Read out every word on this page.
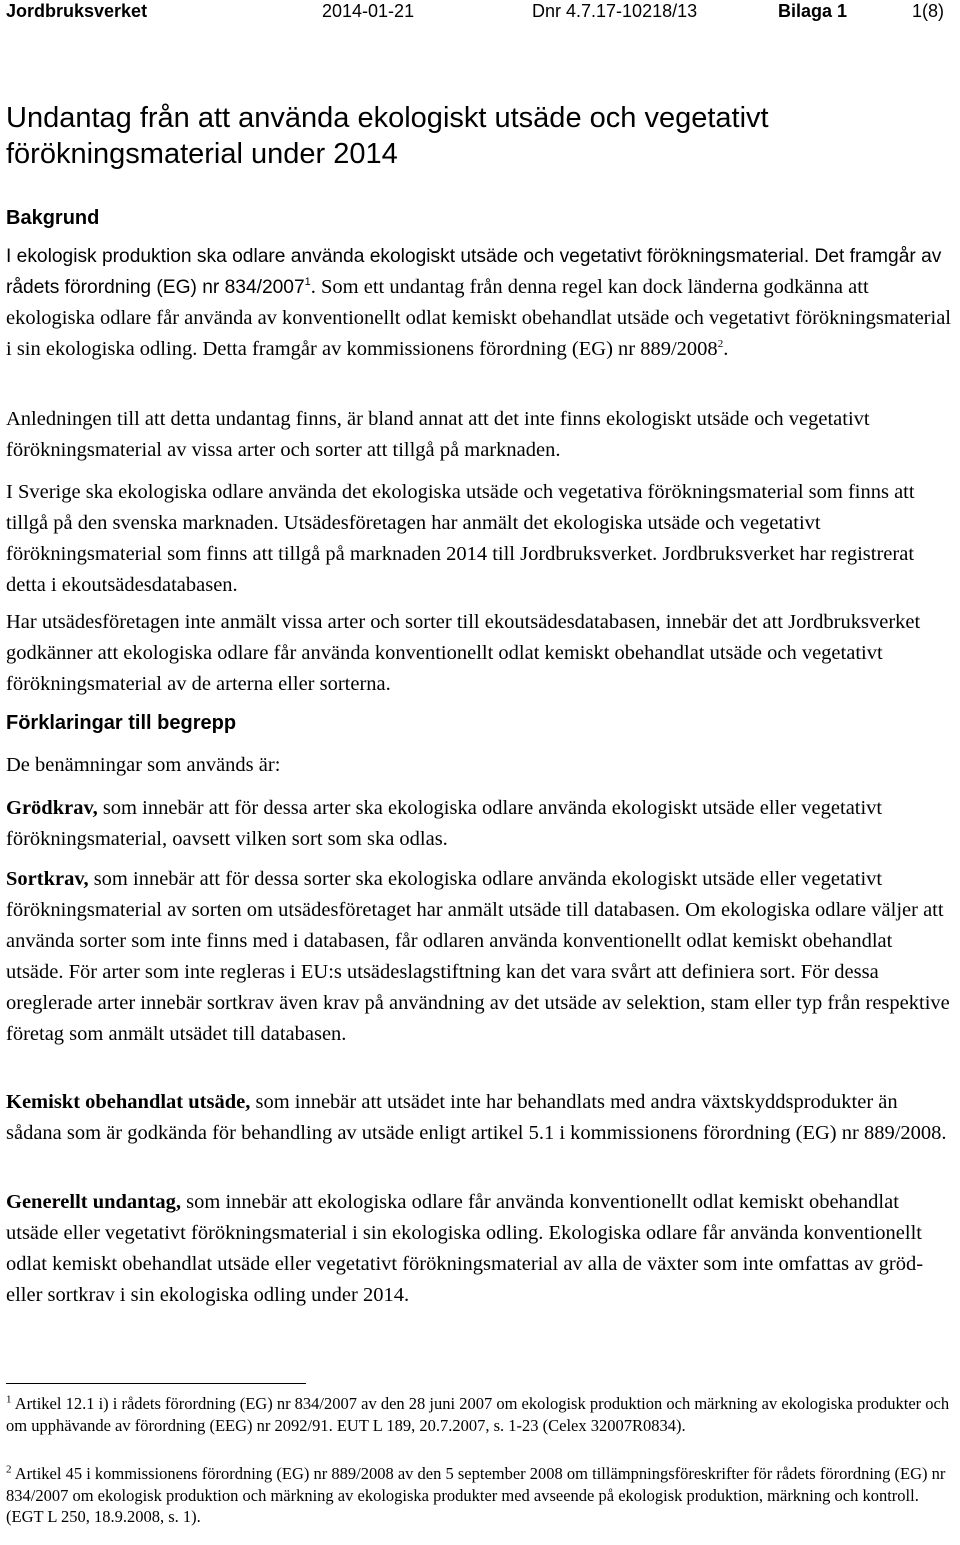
Jordbruksverket	2014-01-21	Dnr 4.7.17-10218/13	Bilaga 1	1(8)
Undantag från att använda ekologiskt utsäde och vegetativt förökningsmaterial under 2014
Bakgrund

I ekologisk produktion ska odlare använda ekologiskt utsäde och vegetativt förökningsmaterial. Det framgår av rådets förordning (EG) nr 834/2007$^1$. Som ett undantag från denna regel kan dock länderna godkänna att ekologiska odlare får använda av konventionellt odlat kemiskt obehandlat utsäde och vegetativt förökningsmaterial i sin ekologiska odling. Detta framgår av kommissionens förordning (EG) nr 889/2008$^2$.

Anledningen till att detta undantag finns, är bland annat att det inte finns ekologiskt utsäde och vegetativt förökningsmaterial av vissa arter och sorter att tillgå på marknaden.

I Sverige ska ekologiska odlare använda det ekologiska utsäde och vegetativa förökningsmaterial som finns att tillgå på den svenska marknaden. Utsädesföretagen har anmält det ekologiska utsäde och vegetativt förökningsmaterial som finns att tillgå på marknaden 2014 till Jordbruksverket. Jordbruksverket har registrerat detta i ekoutsädesdatabasen.

Har utsädesföretagen inte anmält vissa arter och sorter till ekoutsädesdatabasen, innebär det att Jordbruksverket godkänner att ekologiska odlare får använda konventionellt odlat kemiskt obehandlat utsäde och vegetativt förökningsmaterial av de arterna eller sorterna.

Förklaringar till begrepp

De benämningar som används är:

Grödkrav, som innebär att för dessa arter ska ekologiska odlare använda ekologiskt utsäde eller vegetativt förökningsmaterial, oavsett vilken sort som ska odlas.

Sortkrav, som innebär att för dessa sorter ska ekologiska odlare använda ekologiskt utsäde eller vegetativt förökningsmaterial av sorten om utsädesföretaget har anmält utsäde till databasen. Om ekologiska odlare väljer att använda sorter som inte finns med i databasen, får odlaren använda konventionellt odlat kemiskt obehandlat utsäde. För arter som inte regleras i EU:s utsädeslagstiftning kan det vara svårt att definiera sort. För dessa oreglerade arter innebär sortkrav även krav på användning av det utsäde av selektion, stam eller typ från respektive företag som anmält utsädet till databasen.

Kemiskt obehandlat utsäde, som innebär att utsädet inte har behandlats med andra växtskyddsprodukter än sådana som är godkända för behandling av utsäde enligt artikel 5.1 i kommissionens förordning (EG) nr 889/2008.

Generellt undantag, som innebär att ekologiska odlare får använda konventionellt odlat kemiskt obehandlat utsäde eller vegetativt förökningsmaterial i sin ekologiska odling. Ekologiska odlare får använda konventionellt odlat kemiskt obehandlat utsäde eller vegetativt förökningsmaterial av alla de växter som inte omfattas av gröd- eller sortkrav i sin ekologiska odling under 2014.

$^1$ Artikel 12.1 i) i rådets förordning (EG) nr 834/2007 av den 28 juni 2007 om ekologisk produktion och märkning av ekologiska produkter och om upphävande av förordning (EEG) nr 2092/91. EUT L 189, 20.7.2007, s. 1-23 (Celex 32007R0834).

$^2$ Artikel 45 i kommissionens förordning (EG) nr 889/2008 av den 5 september 2008 om tillämpningsföreskrifter för rådets förordning (EG) nr 834/2007 om ekologisk produktion och märkning av ekologiska produkter med avseende på ekologisk produktion, märkning och kontroll. (EGT L 250, 18.9.2008, s. 1).
